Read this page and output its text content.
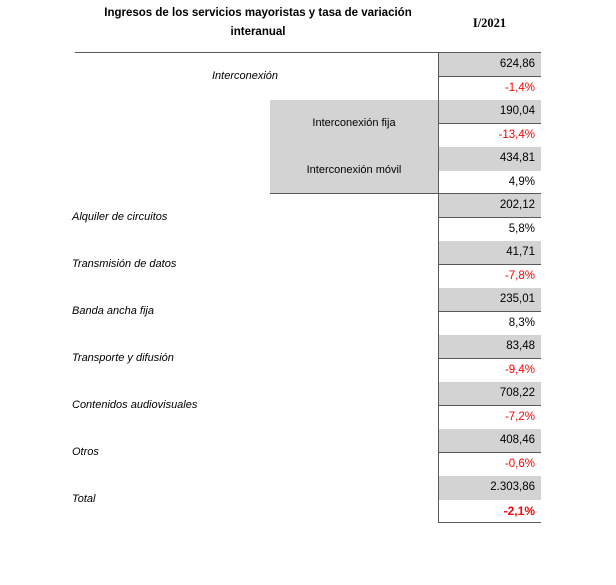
Ingresos de los servicios mayoristas y tasa de variación
interanual
I/2021
Interconexión
Interconexión fija
Interconexión móvil
Alquiler de circuitos
Transmisión de datos
Banda ancha fija
Transporte y difusión
Contenidos audiovisuales
Otros
Total
624,86
-1,4%
190,04
-13,4%
434,81
4,9%
202,12
5,8%
41,71
-7,8%
235,01
8,3%
83,48
-9,4%
708,22
-7,2%
408,46
-0,6%
2.303,86
-2,1%
